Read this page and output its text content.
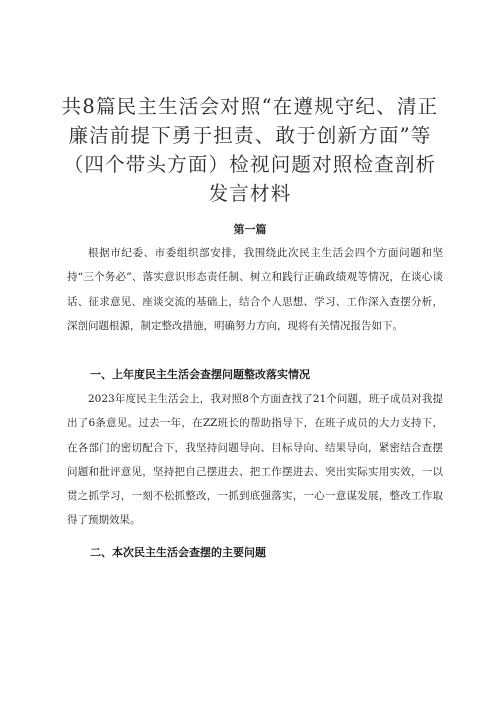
共8篇民主生活会对照“在遵规守纪、清正廉洁前提下勇于担责、敢于创新方面”等（四个带头方面）检视问题对照检查剖析发言材料

第一篇

根据市纪委、市委组织部安排，我围绕此次民主生活会四个方面问题和坚持“三个务必”、落实意识形态责任制、树立和践行正确政绩观等情况，在谈心谈话、征求意见、座谈交流的基础上，结合个人思想、学习、工作深入查摆分析，深剖问题根源，制定整改措施，明确努力方向，现将有关情况报告如下。

一、上年度民主生活会查摆问题整改落实情况

2023年度民主生活会上，我对照8个方面查找了21个问题，班子成员对我提出了6条意见。过去一年，在ZZ班长的帮助指导下，在班子成员的大力支持下，在各部门的密切配合下，我坚持问题导向、目标导向、结果导向，紧密结合查摆问题和批评意见，坚持把自己摆进去、把工作摆进去、突出实际实用实效，一以贯之抓学习，一刻不松抓整改，一抓到底强落实，一心一意谋发展，整改工作取得了预期效果。

二、本次民主生活会查摆的主要问题
